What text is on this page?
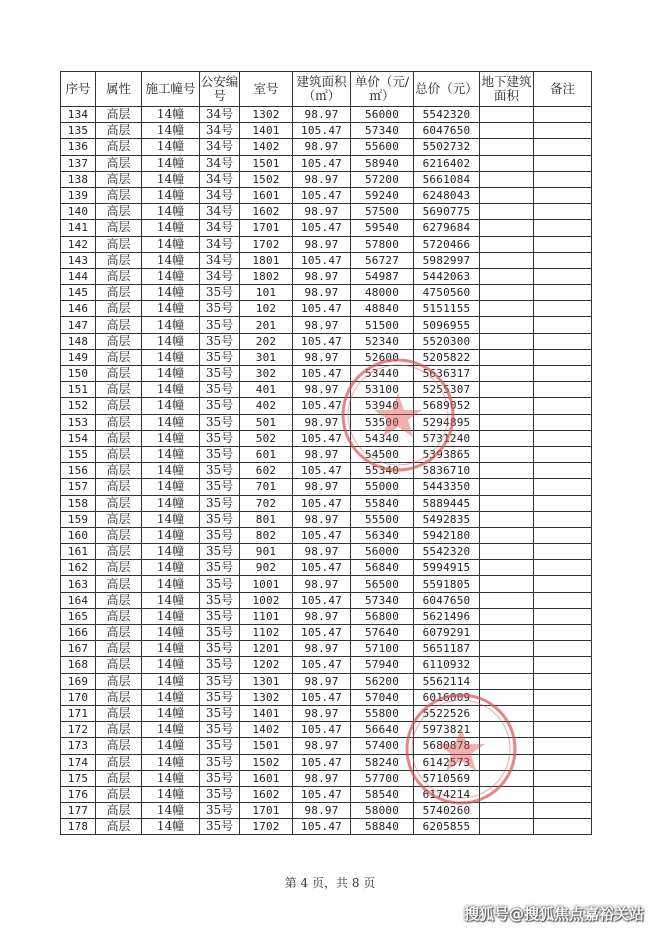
序号	属性	施工幢号	公安编号	室号	建筑面积（㎡）	单价（元/㎡）	总价（元）	地下建筑面积	备注
134	高层	14幢	34号	1302	98.97	56000	5542320		
135	高层	14幢	34号	1401	105.47	57340	6047650		
136	高层	14幢	34号	1402	98.97	55600	5502732		
137	高层	14幢	34号	1501	105.47	58940	6216402		
138	高层	14幢	34号	1502	98.97	57200	5661084		
139	高层	14幢	34号	1601	105.47	59240	6248043		
140	高层	14幢	34号	1602	98.97	57500	5690775		
141	高层	14幢	34号	1701	105.47	59540	6279684		
142	高层	14幢	34号	1702	98.97	57800	5720466		
143	高层	14幢	34号	1801	105.47	56727	5982997		
144	高层	14幢	34号	1802	98.97	54987	5442063		
145	高层	14幢	35号	101	98.97	48000	4750560		
146	高层	14幢	35号	102	105.47	48840	5151155		
147	高层	14幢	35号	201	98.97	51500	5096955		
148	高层	14幢	35号	202	105.47	52340	5520300		
149	高层	14幢	35号	301	98.97	52600	5205822		
150	高层	14幢	35号	302	105.47	53440	5636317		
151	高层	14幢	35号	401	98.97	53100	5255307		
152	高层	14幢	35号	402	105.47	53940	5689052		
153	高层	14幢	35号	501	98.97	53500	5294895		
154	高层	14幢	35号	502	105.47	54340	5731240		
155	高层	14幢	35号	601	98.97	54500	5393865		
156	高层	14幢	35号	602	105.47	55340	5836710		
157	高层	14幢	35号	701	98.97	55000	5443350		
158	高层	14幢	35号	702	105.47	55840	5889445		
159	高层	14幢	35号	801	98.97	55500	5492835		
160	高层	14幢	35号	802	105.47	56340	5942180		
161	高层	14幢	35号	901	98.97	56000	5542320		
162	高层	14幢	35号	902	105.47	56840	5994915		
163	高层	14幢	35号	1001	98.97	56500	5591805		
164	高层	14幢	35号	1002	105.47	57340	6047650		
165	高层	14幢	35号	1101	98.97	56800	5621496		
166	高层	14幢	35号	1102	105.47	57640	6079291		
167	高层	14幢	35号	1201	98.97	57100	5651187		
168	高层	14幢	35号	1202	105.47	57940	6110932		
169	高层	14幢	35号	1301	98.97	56200	5562114		
170	高层	14幢	35号	1302	105.47	57040	6016009		
171	高层	14幢	35号	1401	98.97	55800	5522526		
172	高层	14幢	35号	1402	105.47	56640	5973821		
173	高层	14幢	35号	1501	98.97	57400	5680878		
174	高层	14幢	35号	1502	105.47	58240	6142573		
175	高层	14幢	35号	1601	98.97	57700	5710569		
176	高层	14幢	35号	1602	105.47	58540	6174214		
177	高层	14幢	35号	1701	98.97	58000	5740260		
178	高层	14幢	35号	1702	105.47	58840	6205855		
第 4 页，共 8 页
搜狐号@搜狐焦点嘉裕关站
